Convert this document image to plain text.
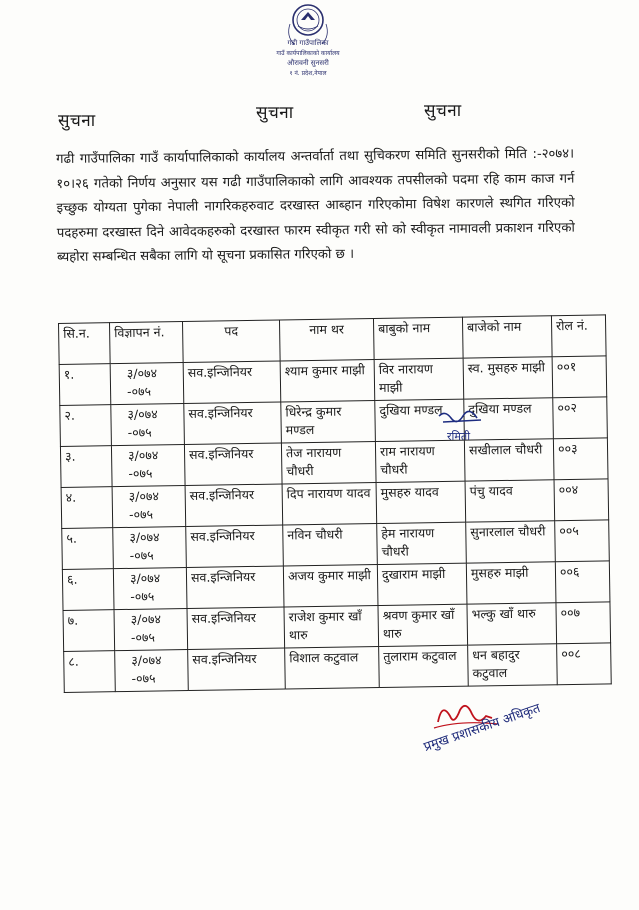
गढी गाउँपालिका
गाउँ कार्यपालिकाको कार्यालय
औरावनी सुनसरी
१ नं. प्रदेश,नेपाल
सुचना	सुचना	सुचना
गढी गाउँपालिका गाउँ कार्यापालिकाको कार्यालय अन्तर्वार्ता तथा सुचिकरण समिति सुनसरीको मिति :-२०७४।१०।२६ गतेको निर्णय अनुसार यस गढी गाउँपालिकाको लागि आवश्यक तपसीलको पदमा रहि काम काज गर्न इच्छुक योग्यता पुगेका नेपाली नागरिकहरुवाट दरखास्त आब्हान गरिएकोमा विषेश कारणले स्थगित गरिएको पदहरुमा दरखास्त दिने आवेदकहरुको दरखास्त फारम स्वीकृत गरी सो को स्वीकृत नामावली प्रकाशन गरिएको ब्यहोरा सम्बन्धित सबैका लागि यो सूचना प्रकासित गरिएको छ ।
सि.न.	विज्ञापन नं.	पद	नाम थर	बाबुको नाम	बाजेको नाम	रोल नं.
१.	३/०७४ -०७५	सव.इन्जिनियर	श्याम कुमार माझी	विर नारायण माझी	स्व. मुसहरु माझी	००१
२.	३/०७४ -०७५	सव.इन्जिनियर	धिरेन्द्र कुमार मण्डल	दुखिया मण्डल	दुखिया मण्डल	००२
३.	३/०७४ -०७५	सव.इन्जिनियर	तेज नारायण चौधरी	राम नारायण चौधरी	सखीलाल चौधरी	००३
४.	३/०७४ -०७५	सव.इन्जिनियर	दिप नारायण यादव	मुसहरु यादव	पंचु यादव	००४
५.	३/०७४ -०७५	सव.इन्जिनियर	नविन चौधरी	हेम नारायण चौधरी	सुनारलाल चौधरी	००५
६.	३/०७४ -०७५	सव.इन्जिनियर	अजय कुमार माझी	दुखाराम माझी	मुसहरु माझी	००६
७.	३/०७४ -०७५	सव.इन्जिनियर	राजेश कुमार खाँ थारु	श्रवण कुमार खाँ थारु	भल्कु खाँ थारु	००७
८.	३/०७४ -०७५	सव.इन्जिनियर	विशाल कटुवाल	तुलाराम कटुवाल	धन बहादुर कटुवाल	००८
रमिती
प्रमुख प्रशासकीय अधिकृत
